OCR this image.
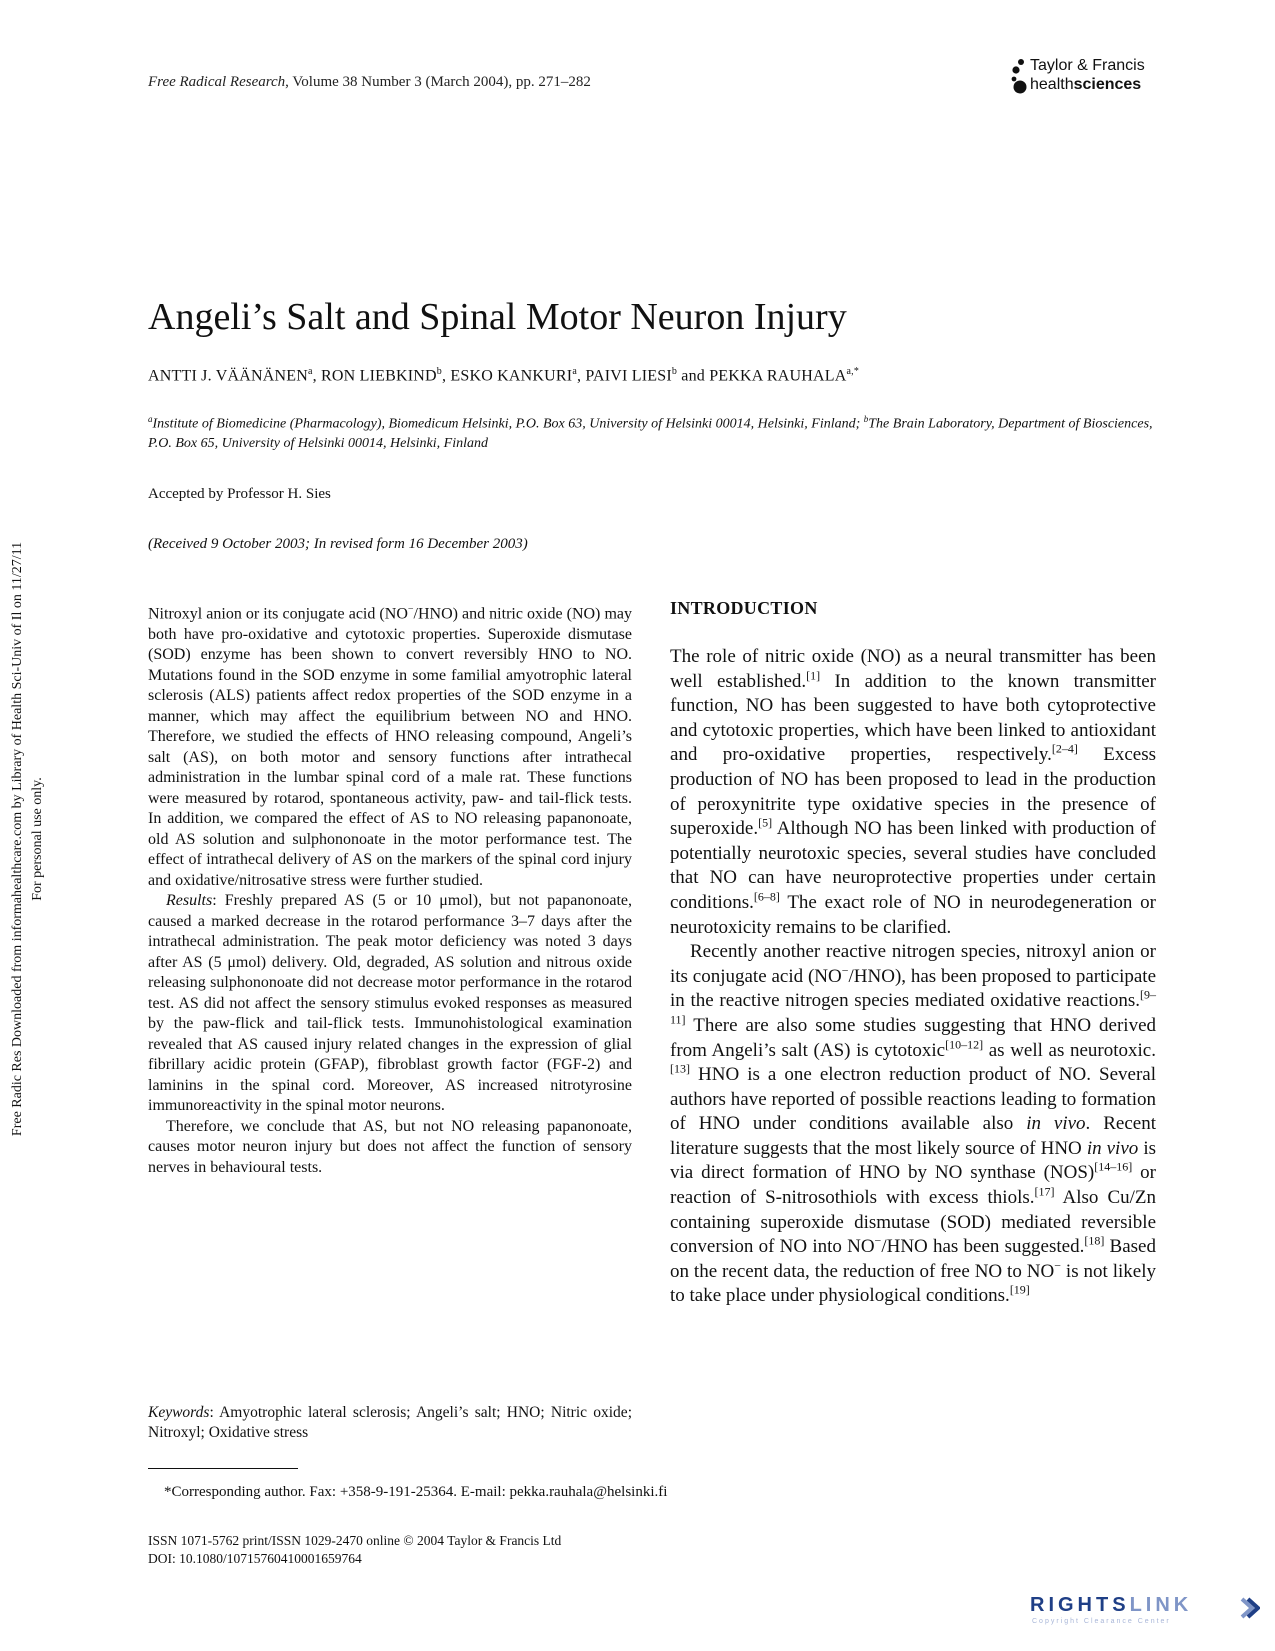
Free Radical Research, Volume 38 Number 3 (March 2004), pp. 271–282
Taylor & Francis
healthsciences
Angeli’s Salt and Spinal Motor Neuron Injury
ANTTI J. VÄÄNÄNEN$^a$, RON LIEBKIND$^b$, ESKO KANKURI$^a$, PAIVI LIESI$^b$ and PEKKA $RAUHALA^{a,*}$
$^a$Institute of Biomedicine (Pharmacology), Biomedicum Helsinki, P.O. Box 63, University of Helsinki 00014, Helsinki, Finland; $^b$The Brain Laboratory, Department of Biosciences, P.O. Box 65, University of Helsinki 00014, Helsinki, Finland
Accepted by Professor H. Sies
(Received 9 October 2003; In revised form 16 December 2003)

Nitroxyl anion or its conjugate acid (NO−/HNO) and nitric oxide (NO) may both have pro-oxidative and cytotoxic properties. Superoxide dismutase (SOD) enzyme has been shown to convert reversibly HNO to NO. Mutations found in the SOD enzyme in some familial amyotrophic lateral sclerosis (ALS) patients affect redox properties of the SOD enzyme in a manner, which may affect the equilibrium between NO and HNO. Therefore, we studied the effects of HNO releasing compound, Angeli’s salt (AS), on both motor and sensory functions after intrathecal administration in the lumbar spinal cord of a male rat. These functions were measured by rotarod, spontaneous activity, paw- and tail-flick tests. In addition, we compared the effect of AS to NO releasing papanonoate, old AS solution and sulphononoate in the motor performance test. The effect of intrathecal delivery of AS on the markers of the spinal cord injury and oxidative/nitrosative stress were further studied.

Results: Freshly prepared AS (5 or 10 μmol), but not papanonoate, caused a marked decrease in the rotarod performance 3–7 days after the intrathecal administration. The peak motor deficiency was noted 3 days after AS (5 μmol) delivery. Old, degraded, AS solution and nitrous oxide releasing sulphononoate did not decrease motor performance in the rotarod test. AS did not affect the sensory stimulus evoked responses as measured by the paw-flick and tail-flick tests. Immunohistological examination revealed that AS caused injury related changes in the expression of glial fibrillary acidic protein (GFAP), fibroblast growth factor (FGF-2) and laminins in the spinal cord. Moreover, AS increased nitrotyrosine immunoreactivity in the spinal motor neurons.

Therefore, we conclude that AS, but not NO releasing papanonoate, causes motor neuron injury but does not affect the function of sensory nerves in behavioural tests.

Keywords: Amyotrophic lateral sclerosis; Angeli’s salt; HNO; Nitric oxide; Nitroxyl; Oxidative stress
INTRODUCTION

The role of nitric oxide (NO) as a neural transmitter has been well established.[1] In addition to the known transmitter function, NO has been suggested to have both cytoprotective and cytotoxic properties, which have been linked to antioxidant and pro-oxidative properties, respectively.[2–4] Excess production of NO has been proposed to lead in the production of peroxynitrite type oxidative species in the presence of superoxide.[5] Although NO has been linked with production of potentially neurotoxic species, several studies have concluded that NO can have neuroprotective properties under certain conditions.[6–8] The exact role of NO in neurodegeneration or neurotoxicity remains to be clarified.

Recently another reactive nitrogen species, nitroxyl anion or its conjugate acid (NO−/HNO), has been proposed to participate in the reactive nitrogen species mediated oxidative reactions.[9–11] There are also some studies suggesting that HNO derived from Angeli’s salt (AS) is cytotoxic[10–12] as well as neurotoxic.[13] HNO is a one electron reduction product of NO. Several authors have reported of possible reactions leading to formation of HNO under conditions available also in vivo. Recent literature suggests that the most likely source of HNO in vivo is via direct formation of HNO by NO synthase (NOS)[14–16] or reaction of S-nitrosothiols with excess thiols.[17] Also Cu/Zn containing superoxide dismutase (SOD) mediated reversible conversion of NO into NO−/HNO has been suggested.[18] Based on the recent data, the reduction of free NO to NO− is not likely to take place under physiological conditions.[19]

Free Radic Res Downloaded from informahealthcare.com by Library of Health Sci-Univ of Il on 11/27/11 For personal use only.
*Corresponding author. Fax: +358-9-191-25364. E-mail: pekka.rauhala@helsinki.fi
ISSN 1071-5762 print/ISSN 1029-2470 online © 2004 Taylor & Francis Ltd
DOI: 10.1080/10715760410001659764
RIGHTSLINK
Copyright Clearance Center
